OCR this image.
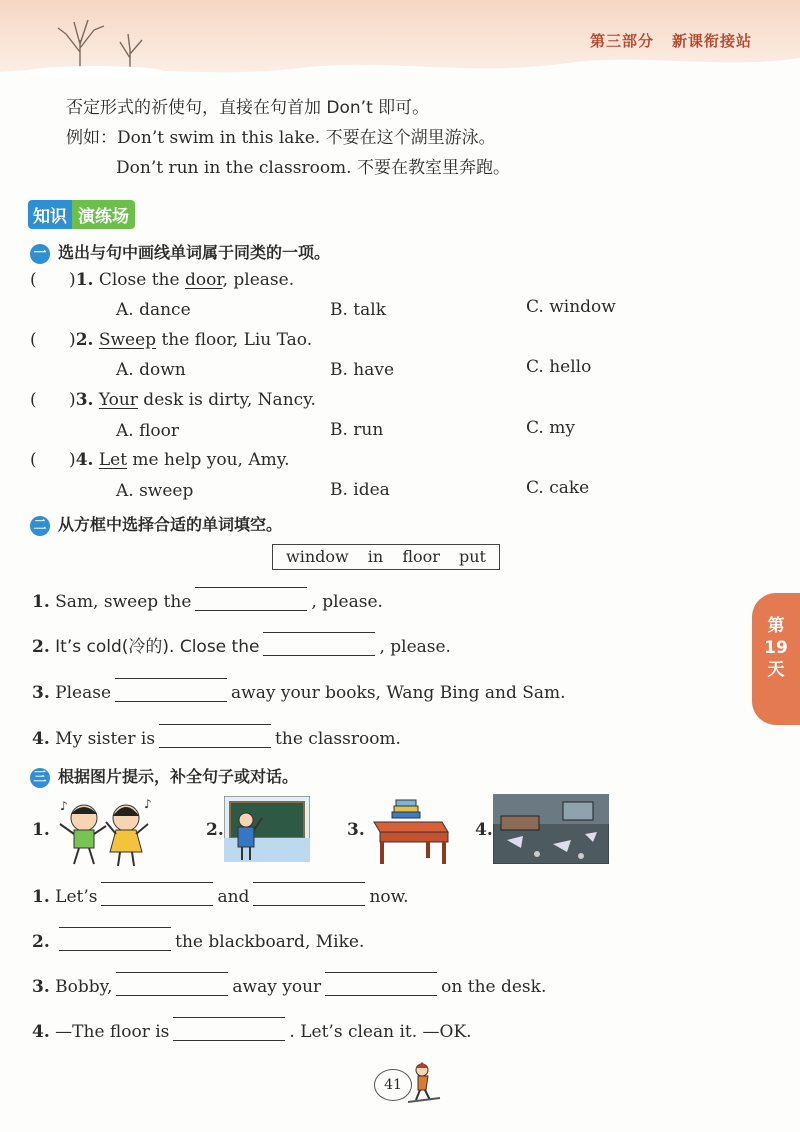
第三部分 新课衔接站
否定形式的祈使句，直接在句首加 Don’t 即可。
例如：Don’t swim in this lake. 不要在这个湖里游泳。
Don’t run in the classroom. 不要在教室里奔跑。
知识 演练场
一 选出与句中画线单词属于同类的一项。
(      )1. Close the door, please.
A. dance	B. talk	C. window
(      )2. Sweep the floor, Liu Tao.
A. down	B. have	C. hello
(      )3. Your desk is dirty, Nancy.
A. floor	B. run	C. my
(      )4. Let me help you, Amy.
A. sweep	B. idea	C. cake
二 从方框中选择合适的单词填空。
window in floor put
1. Sam, sweep the	, please.
2. It’s cold(冷的). Close the	, please.
3. Please	away your books, Wang Bing and Sam.
4. My sister is	the classroom.
三 根据图片提示，补全句子或对话。
1.
♪	♪
2.	3.	4.
1. Let’s	and	now.
2.	the blackboard, Mike.
3. Bobby,	away your	on the desk.
4. —The floor is	. Let’s clean it. —OK.
第
19
天
41
